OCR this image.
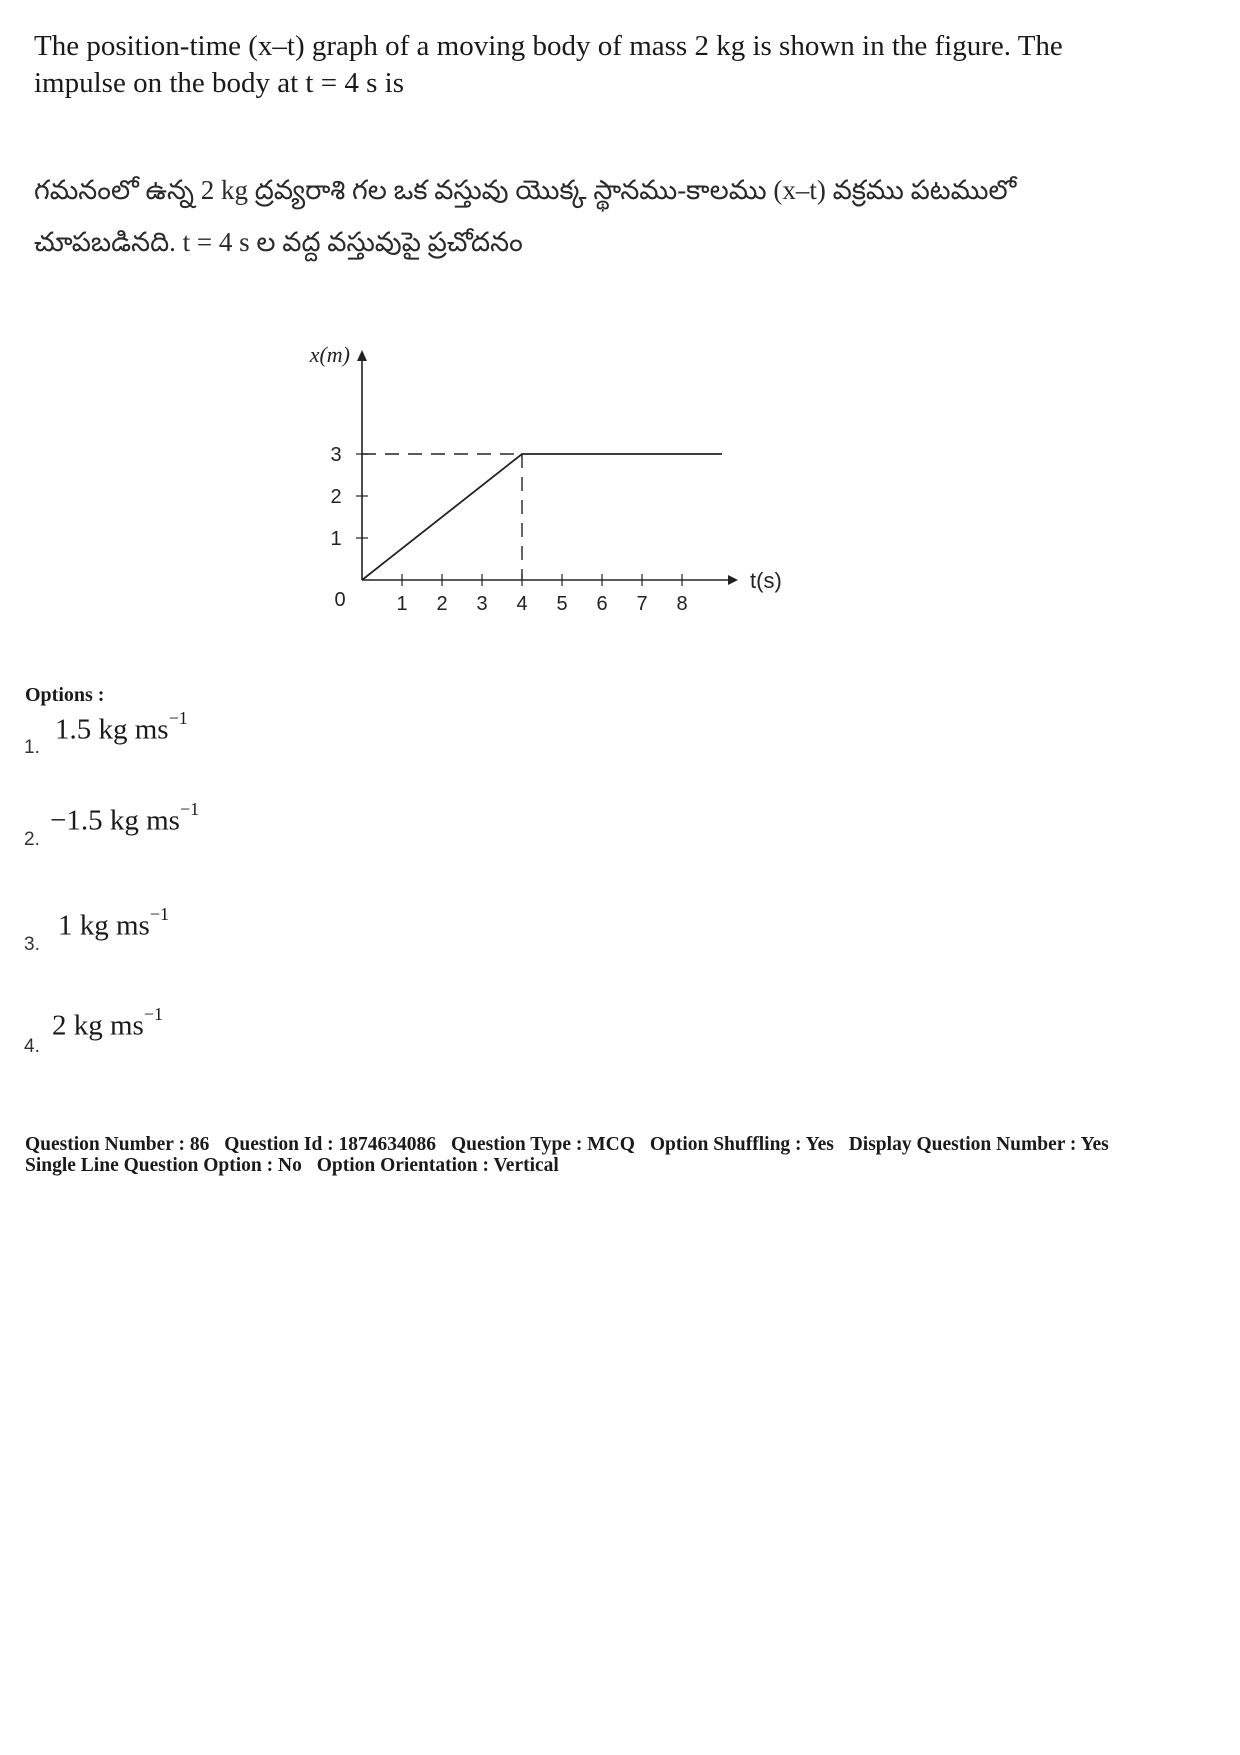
The position-time (x–t) graph of a moving body of mass 2 kg is shown in the figure. The
impulse on the body at t = 4 s is
గమనంలో ఉన్న 2 kg ద్రవ్యరాశి గల ఒక వస్తువు యొక్క స్థానము-కాలము (x–t) వక్రము పటములో
చూపబడినది. t = 4 s ల వద్ద వస్తువుపై ప్రచోదనం
x(m)
t(s)
0	1 2 3 4 5 6 7 8
1
2
3
Options :
1.
1.5 kg $ms^{-1}$
2.
−1.5 kg $ms^{-1}$
3.
1 kg $ms^{-1}$
4.
2 kg $ms^{-1}$
Question Number : 86 Question Id : 1874634086 Question Type : MCQ Option Shuffling : Yes Display Question Number : Yes
Single Line Question Option : No Option Orientation : Vertical
